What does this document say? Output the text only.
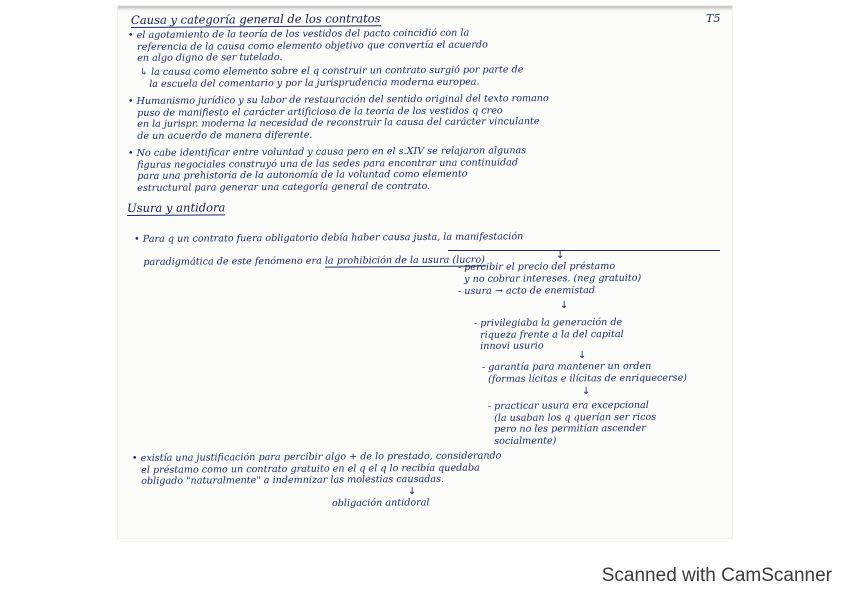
T5
Causa y categoría general de los contratos
• el agotamiento de la teoría de los vestidos del pacto coincidió con la
referencia de la causa como elemento objetivo que convertía el acuerdo
en algo digno de ser tutelado.
↳ la causa como elemento sobre el q construir un contrato surgió por parte de
la escuela del comentario y por la jurisprudencia moderna europea.
• Humanismo jurídico y su labor de restauración del sentido original del texto romano
puso de manifiesto el carácter artificioso de la teoría de los vestidos q creo
en la jurispr. moderna la necesidad de reconstruir la causa del carácter vinculante
de un acuerdo de manera diferente.
• No cabe identificar entre voluntad y causa pero en el s.XIV se relajaron algunas
figuras negociales construyó una de las sedes para encontrar una continuidad
para una prehistoria de la autonomía de la voluntad como elemento
estructural para generar una categoría general de contrato.
Usura y antidora

• Para q un contrato fuera obligatorio debía haber causa justa, la manifestación

paradigmática de este fenómeno era la prohibición de la usura (lucro)	↓
- percibir el precio del préstamo
y no cobrar intereses. (neg gratuito)
- usura → acto de enemistad
↓
- privilegiaba la generación de
riqueza frente a la del capital
innovi usurio
↓
- garantía para mantener un orden
(formas lícitas e ilícitas de enriquecerse)
↓
- practicar usura era excepcional
(la usaban los q querían ser ricos
pero no les permitían ascender
socialmente)
• existía una justificación para percibir algo + de lo prestado, considerando
el préstamo como un contrato gratuito en el q el q lo recibía quedaba
obligado "naturalmente" a indemnizar las molestias causadas.
↓
obligación antidoral
Scanned with CamScanner
